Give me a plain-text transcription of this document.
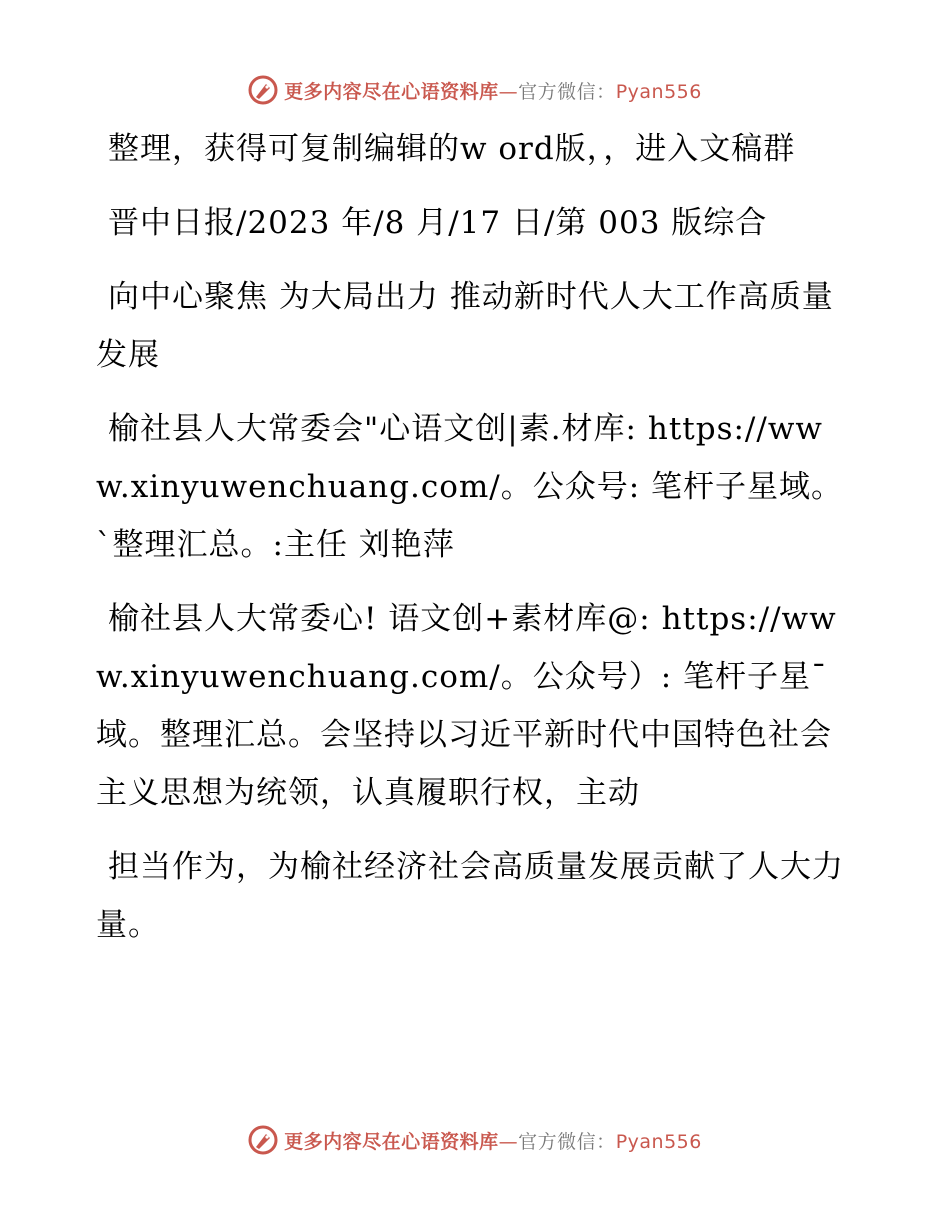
更多内容尽在心语资料库—官方微信：Pyan556

整理，获得可复制编辑的w ord版，，进入文稿群

晋中日报/2023 年/8 月/17 日/第 003 版综合

向中心聚焦 为大局出力 推动新时代人大工作高质量发展

榆社县人大常委会"心语文创|素.材库: https://www.xinyuwenchuang.com/。公众号: 笔杆子星域。`整理汇总。:主任 刘艳萍

榆社县人大常委心! 语文创+素材库@: https://www.xinyuwenchuang.com/。公众号）: 笔杆子星¯域。整理汇总。会坚持以习近平新时代中国特色社会主义思想为统领，认真履职行权，主动

担当作为，为榆社经济社会高质量发展贡献了人大力量。

更多内容尽在心语资料库—官方微信：Pyan556
